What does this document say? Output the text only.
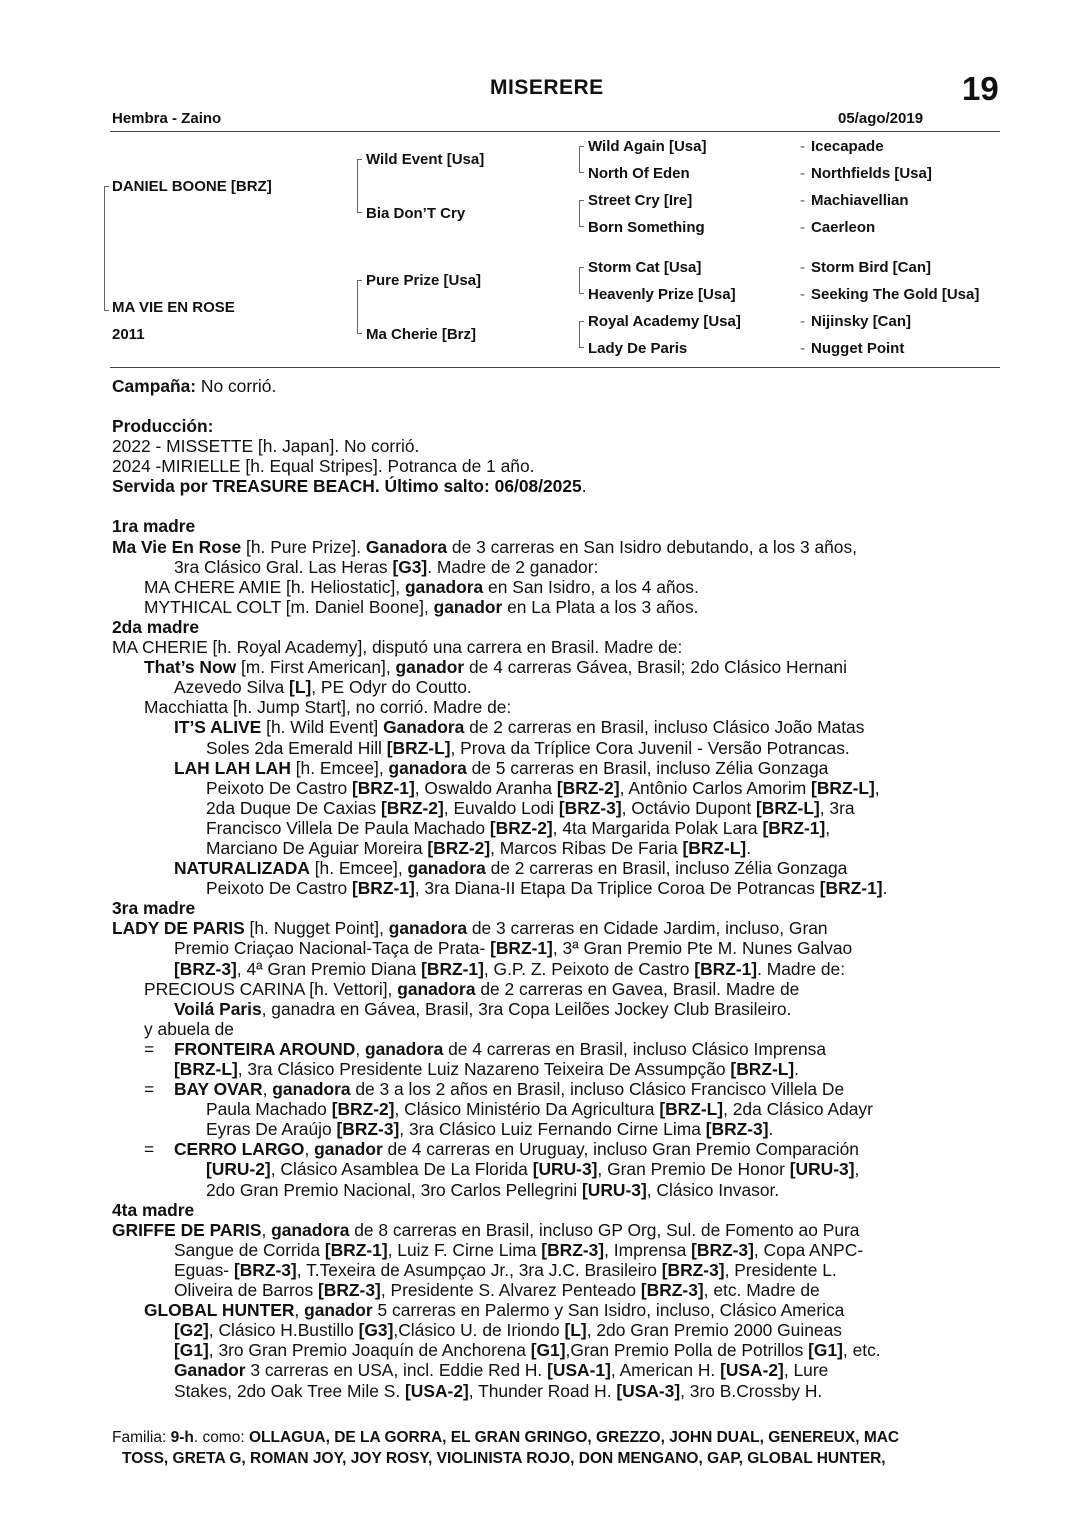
MISERERE	19
Hembra - Zaino	05/ago/2019
DANIEL BOONE [BRZ]
MA VIE EN ROSE
2011
Wild Event [Usa]
Bia Don’T Cry
Pure Prize [Usa]
Ma Cherie [Brz]
Wild Again [Usa]
North Of Eden
Street Cry [Ire]
Born Something
Storm Cat [Usa]
Heavenly Prize [Usa]
Royal Academy [Usa]
Lady De Paris
- Icecapade
- Northfields [Usa]
- Machiavellian
- Caerleon
- Storm Bird [Can]
- Seeking The Gold [Usa]
- Nijinsky [Can]
- Nugget Point

Campaña: No corrió.

Producción:

2022 - MISSETTE [h. Japan]. No corrió.

2024 -MIRIELLE [h. Equal Stripes]. Potranca de 1 año.

Servida por TREASURE BEACH. Último salto: 06/08/2025.

1ra madre

Ma Vie En Rose [h. Pure Prize]. Ganadora de 3 carreras en San Isidro debutando, a los 3 años,

3ra Clásico Gral. Las Heras [G3]. Madre de 2 ganador:

MA CHERE AMIE [h. Heliostatic], ganadora en San Isidro, a los 4 años.

MYTHICAL COLT [m. Daniel Boone], ganador en La Plata a los 3 años.

2da madre

MA CHERIE [h. Royal Academy], disputó una carrera en Brasil. Madre de:

That’s Now [m. First American], ganador de 4 carreras Gávea, Brasil; 2do Clásico Hernani

Azevedo Silva [L], PE Odyr do Coutto.

Macchiatta [h. Jump Start], no corrió. Madre de:

IT’S ALIVE [h. Wild Event] Ganadora de 2 carreras en Brasil, incluso Clásico João Matas

Soles 2da Emerald Hill [BRZ-L], Prova da Tríplice Cora Juvenil - Versão Potrancas.

LAH LAH LAH [h. Emcee], ganadora de 5 carreras en Brasil, incluso Zélia Gonzaga

Peixoto De Castro [BRZ-1], Oswaldo Aranha [BRZ-2], Antônio Carlos Amorim [BRZ-L],

2da Duque De Caxias [BRZ-2], Euvaldo Lodi [BRZ-3], Octávio Dupont [BRZ-L], 3ra

Francisco Villela De Paula Machado [BRZ-2], 4ta Margarida Polak Lara [BRZ-1],

Marciano De Aguiar Moreira [BRZ-2], Marcos Ribas De Faria [BRZ-L].

NATURALIZADA [h. Emcee], ganadora de 2 carreras en Brasil, incluso Zélia Gonzaga

Peixoto De Castro [BRZ-1], 3ra Diana-II Etapa Da Triplice Coroa De Potrancas [BRZ-1].

3ra madre

LADY DE PARIS [h. Nugget Point], ganadora de 3 carreras en Cidade Jardim, incluso, Gran

Premio Criaçao Nacional-Taça de Prata- [BRZ-1], 3ª Gran Premio Pte M. Nunes Galvao

[BRZ-3], 4ª Gran Premio Diana [BRZ-1], G.P. Z. Peixoto de Castro [BRZ-1]. Madre de:

PRECIOUS CARINA [h. Vettori], ganadora de 2 carreras en Gavea, Brasil. Madre de

Voilá Paris, ganadra en Gávea, Brasil, 3ra Copa Leilões Jockey Club Brasileiro.

y abuela de

= FRONTEIRA AROUND, ganadora de 4 carreras en Brasil, incluso Clásico Imprensa

[BRZ-L], 3ra Clásico Presidente Luiz Nazareno Teixeira De Assumpção [BRZ-L].

= BAY OVAR, ganadora de 3 a los 2 años en Brasil, incluso Clásico Francisco Villela De

Paula Machado [BRZ-2], Clásico Ministério Da Agricultura [BRZ-L], 2da Clásico Adayr

Eyras De Araújo [BRZ-3], 3ra Clásico Luiz Fernando Cirne Lima [BRZ-3].

= CERRO LARGO, ganador de 4 carreras en Uruguay, incluso Gran Premio Comparación

[URU-2], Clásico Asamblea De La Florida [URU-3], Gran Premio De Honor [URU-3],

2do Gran Premio Nacional, 3ro Carlos Pellegrini [URU-3], Clásico Invasor.

4ta madre

GRIFFE DE PARIS, ganadora de 8 carreras en Brasil, incluso GP Org, Sul. de Fomento ao Pura

Sangue de Corrida [BRZ-1], Luiz F. Cirne Lima [BRZ-3], Imprensa [BRZ-3], Copa ANPC-

Eguas- [BRZ-3], T.Texeira de Asumpçao Jr., 3ra J.C. Brasileiro [BRZ-3], Presidente L.

Oliveira de Barros [BRZ-3], Presidente S. Alvarez Penteado [BRZ-3], etc. Madre de

GLOBAL HUNTER, ganador 5 carreras en Palermo y San Isidro, incluso, Clásico America

[G2], Clásico H.Bustillo [G3],Clásico U. de Iriondo [L], 2do Gran Premio 2000 Guineas

[G1], 3ro Gran Premio Joaquín de Anchorena [G1],Gran Premio Polla de Potrillos [G1], etc.

Ganador 3 carreras en USA, incl. Eddie Red H. [USA-1], American H. [USA-2], Lure

Stakes, 2do Oak Tree Mile S. [USA-2], Thunder Road H. [USA-3], 3ro B.Crossby H.

Familia: 9-h. como: OLLAGUA, DE LA GORRA, EL GRAN GRINGO, GREZZO, JOHN DUAL, GENEREUX, MAC

TOSS, GRETA G, ROMAN JOY, JOY ROSY, VIOLINISTA ROJO, DON MENGANO, GAP, GLOBAL HUNTER,
